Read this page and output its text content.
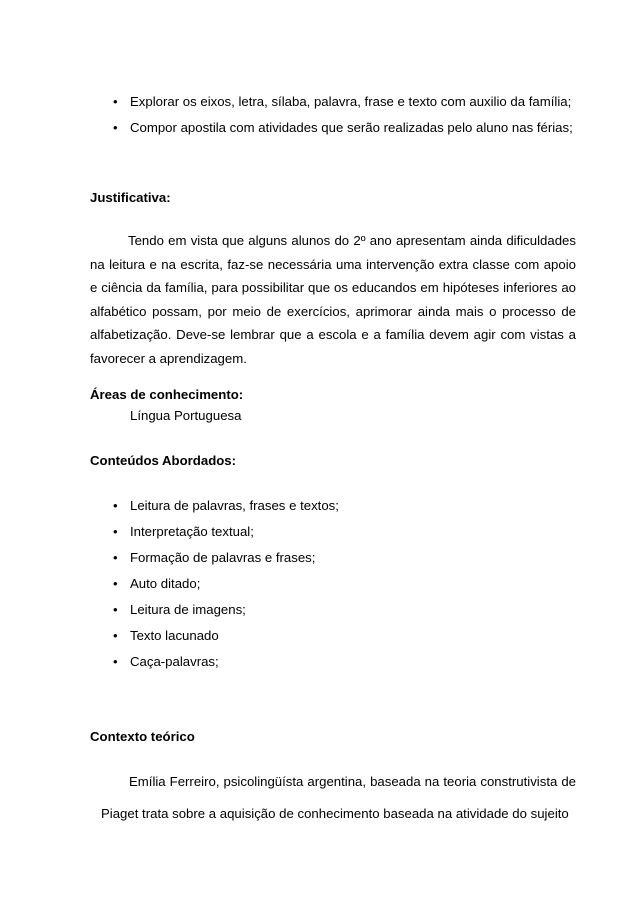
• Explorar os eixos, letra, sílaba, palavra, frase e texto com auxilio da família;
• Compor apostila com atividades que serão realizadas pelo aluno nas férias;
Justificativa:

Tendo em vista que alguns alunos do 2º ano apresentam ainda dificuldades na leitura e na escrita, faz-se necessária uma intervenção extra classe com apoio e ciência da família, para possibilitar que os educandos em hipóteses inferiores ao alfabético possam, por meio de exercícios, aprimorar ainda mais o processo de alfabetização. Deve-se lembrar que a escola e a família devem agir com vistas a favorecer a aprendizagem.

Áreas de conhecimento:
Língua Portuguesa
Conteúdos Abordados:
• Leitura de palavras, frases e textos;
• Interpretação textual;
• Formação de palavras e frases;
• Auto ditado;
• Leitura de imagens;
• Texto lacunado
• Caça-palavras;
Contexto teórico

Emília Ferreiro, psicolingüísta argentina, baseada na teoria construtivista de Piaget trata sobre a aquisição de conhecimento baseada na atividade do sujeito
